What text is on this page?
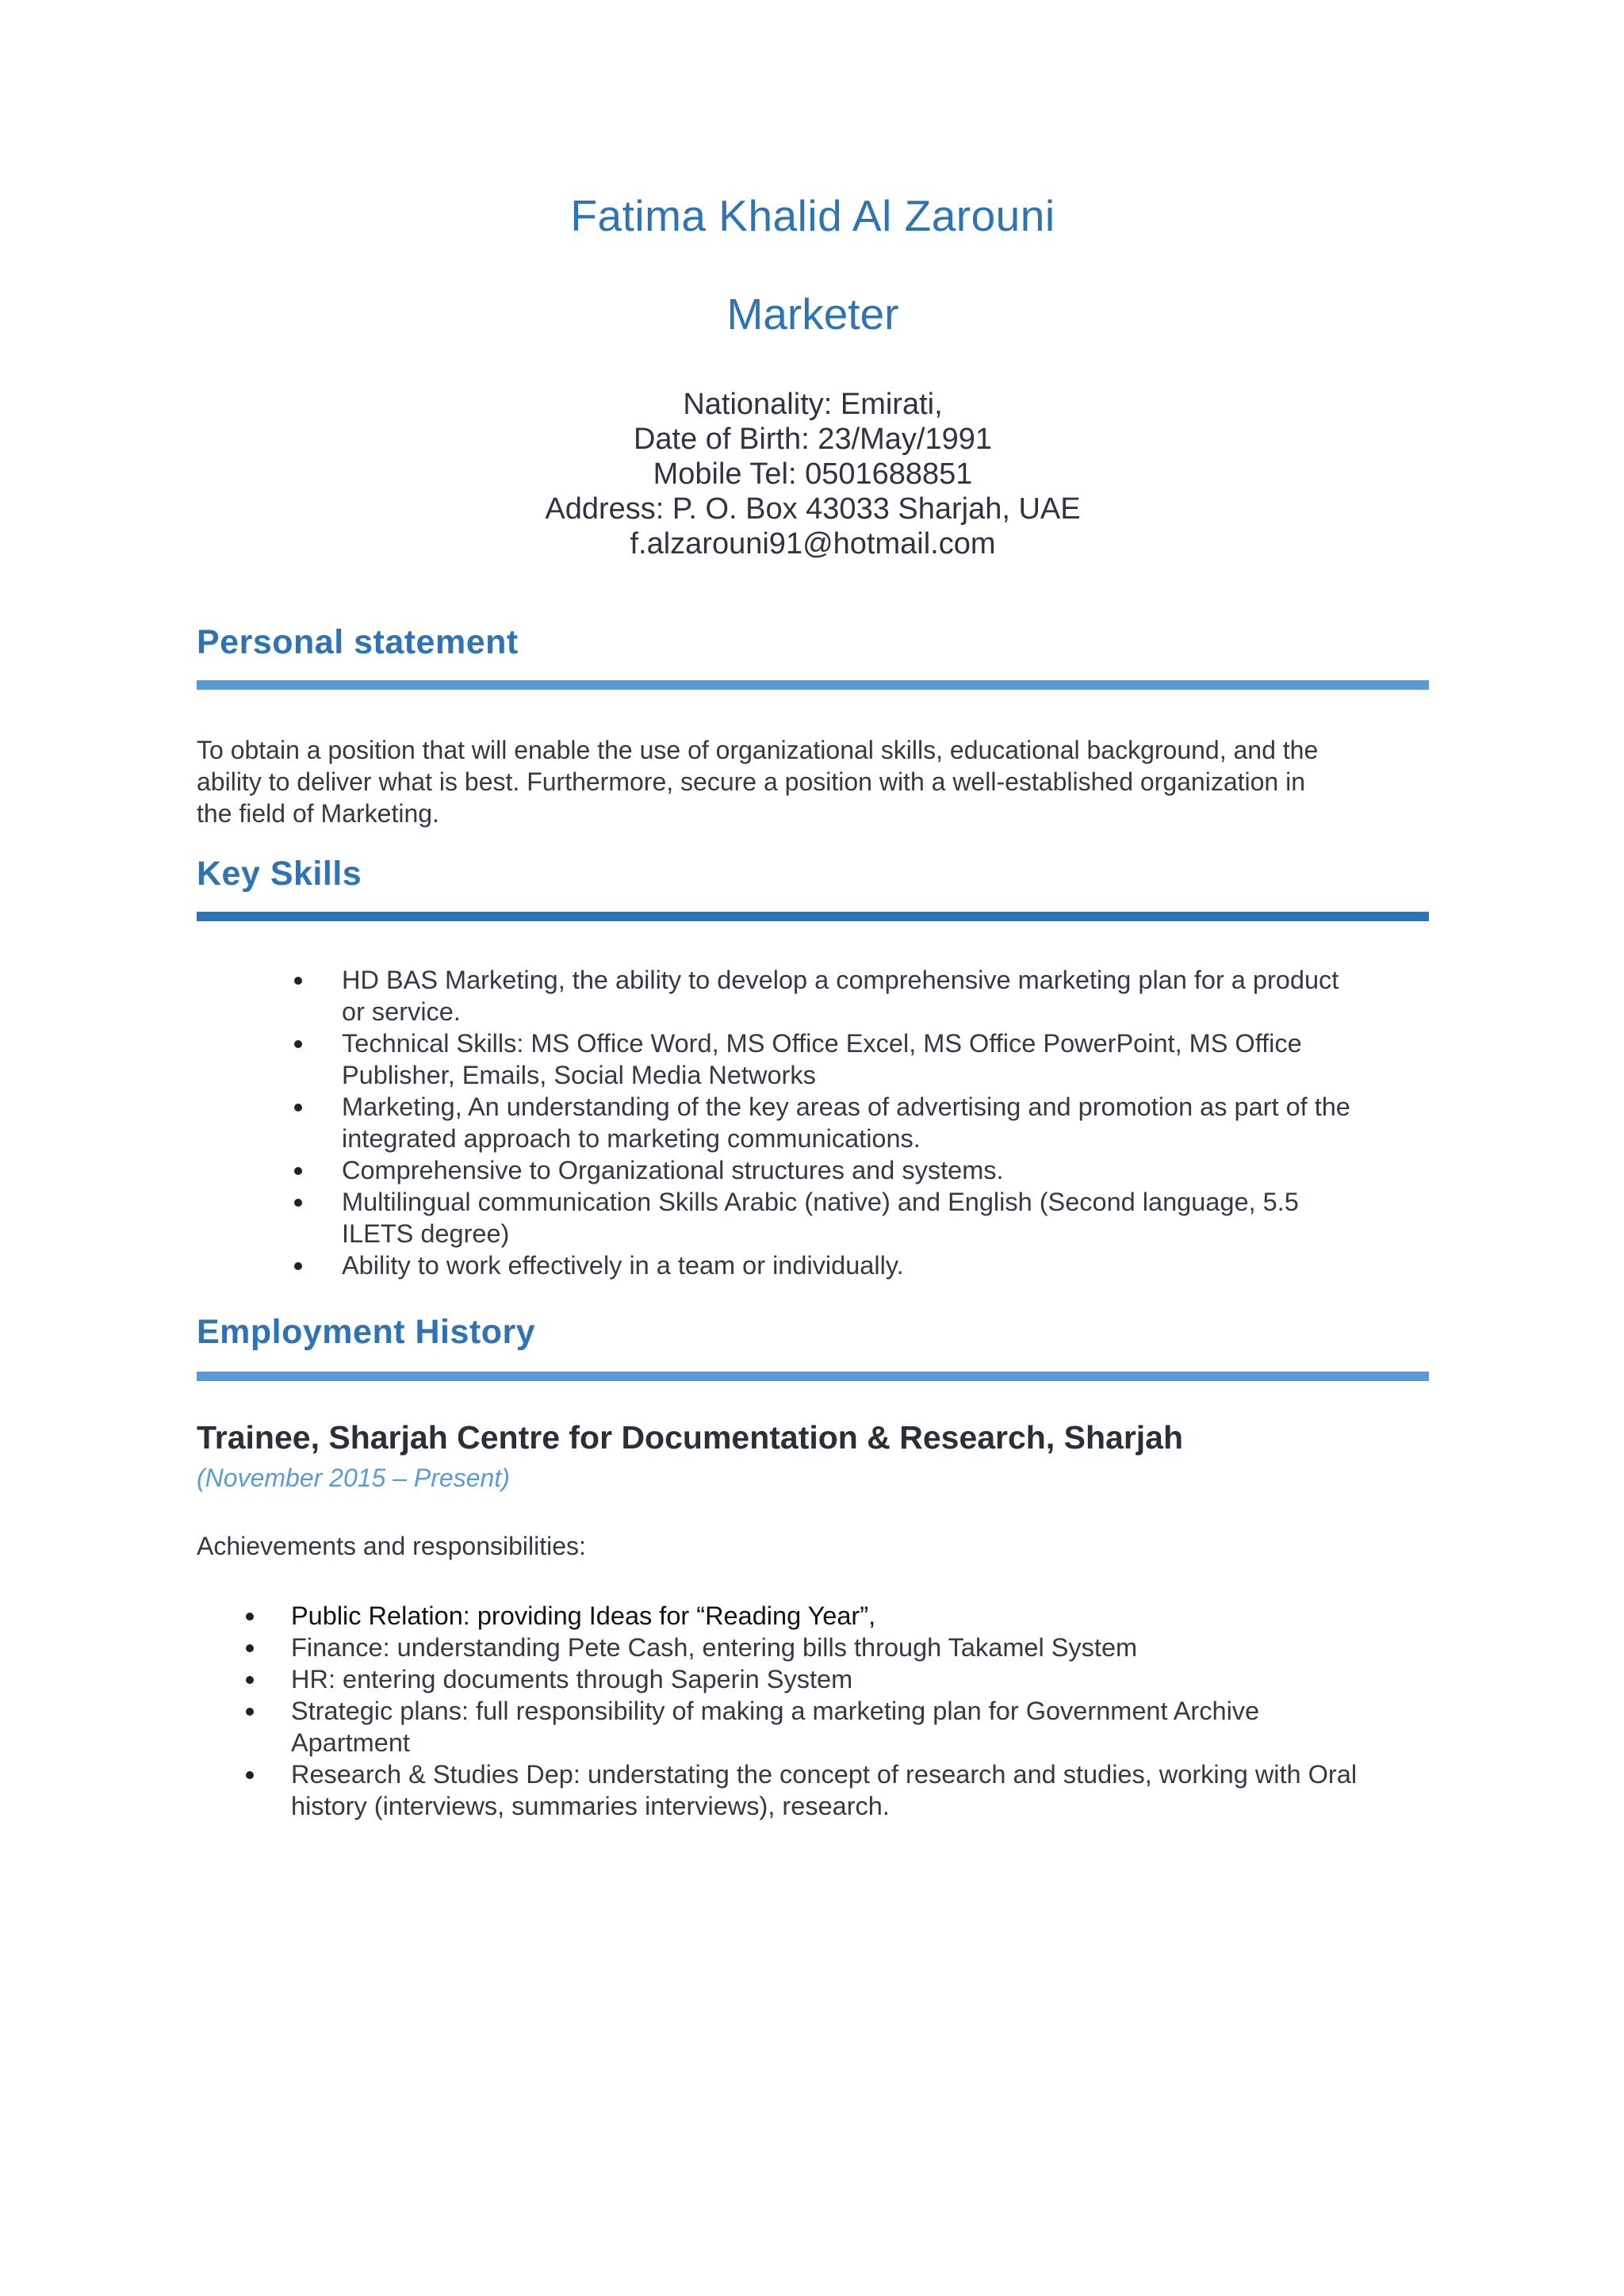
Fatima Khalid Al Zarouni
Marketer
Nationality: Emirati,
Date of Birth: 23/May/1991
Mobile Tel: 0501688851
Address: P. O. Box 43033 Sharjah, UAE
f.alzarouni91@hotmail.com
Personal statement
To obtain a position that will enable the use of organizational skills, educational background, and the
ability to deliver what is best. Furthermore, secure a position with a well-established organization in
the field of Marketing.
Key Skills
HD BAS Marketing, the ability to develop a comprehensive marketing plan for a product
or service.
Technical Skills: MS Office Word, MS Office Excel, MS Office PowerPoint, MS Office
Publisher, Emails, Social Media Networks
Marketing, An understanding of the key areas of advertising and promotion as part of the
integrated approach to marketing communications.
Comprehensive to Organizational structures and systems.
Multilingual communication Skills Arabic (native) and English (Second language, 5.5
ILETS degree)
Ability to work effectively in a team or individually.
Employment History
Trainee, Sharjah Centre for Documentation & Research, Sharjah
(November 2015 – Present)
Achievements and responsibilities:
Public Relation: providing Ideas for “Reading Year”,
Finance: understanding Pete Cash, entering bills through Takamel System
HR: entering documents through Saperin System
Strategic plans: full responsibility of making a marketing plan for Government Archive
Apartment
Research & Studies Dep: understating the concept of research and studies, working with Oral
history (interviews, summaries interviews), research.
